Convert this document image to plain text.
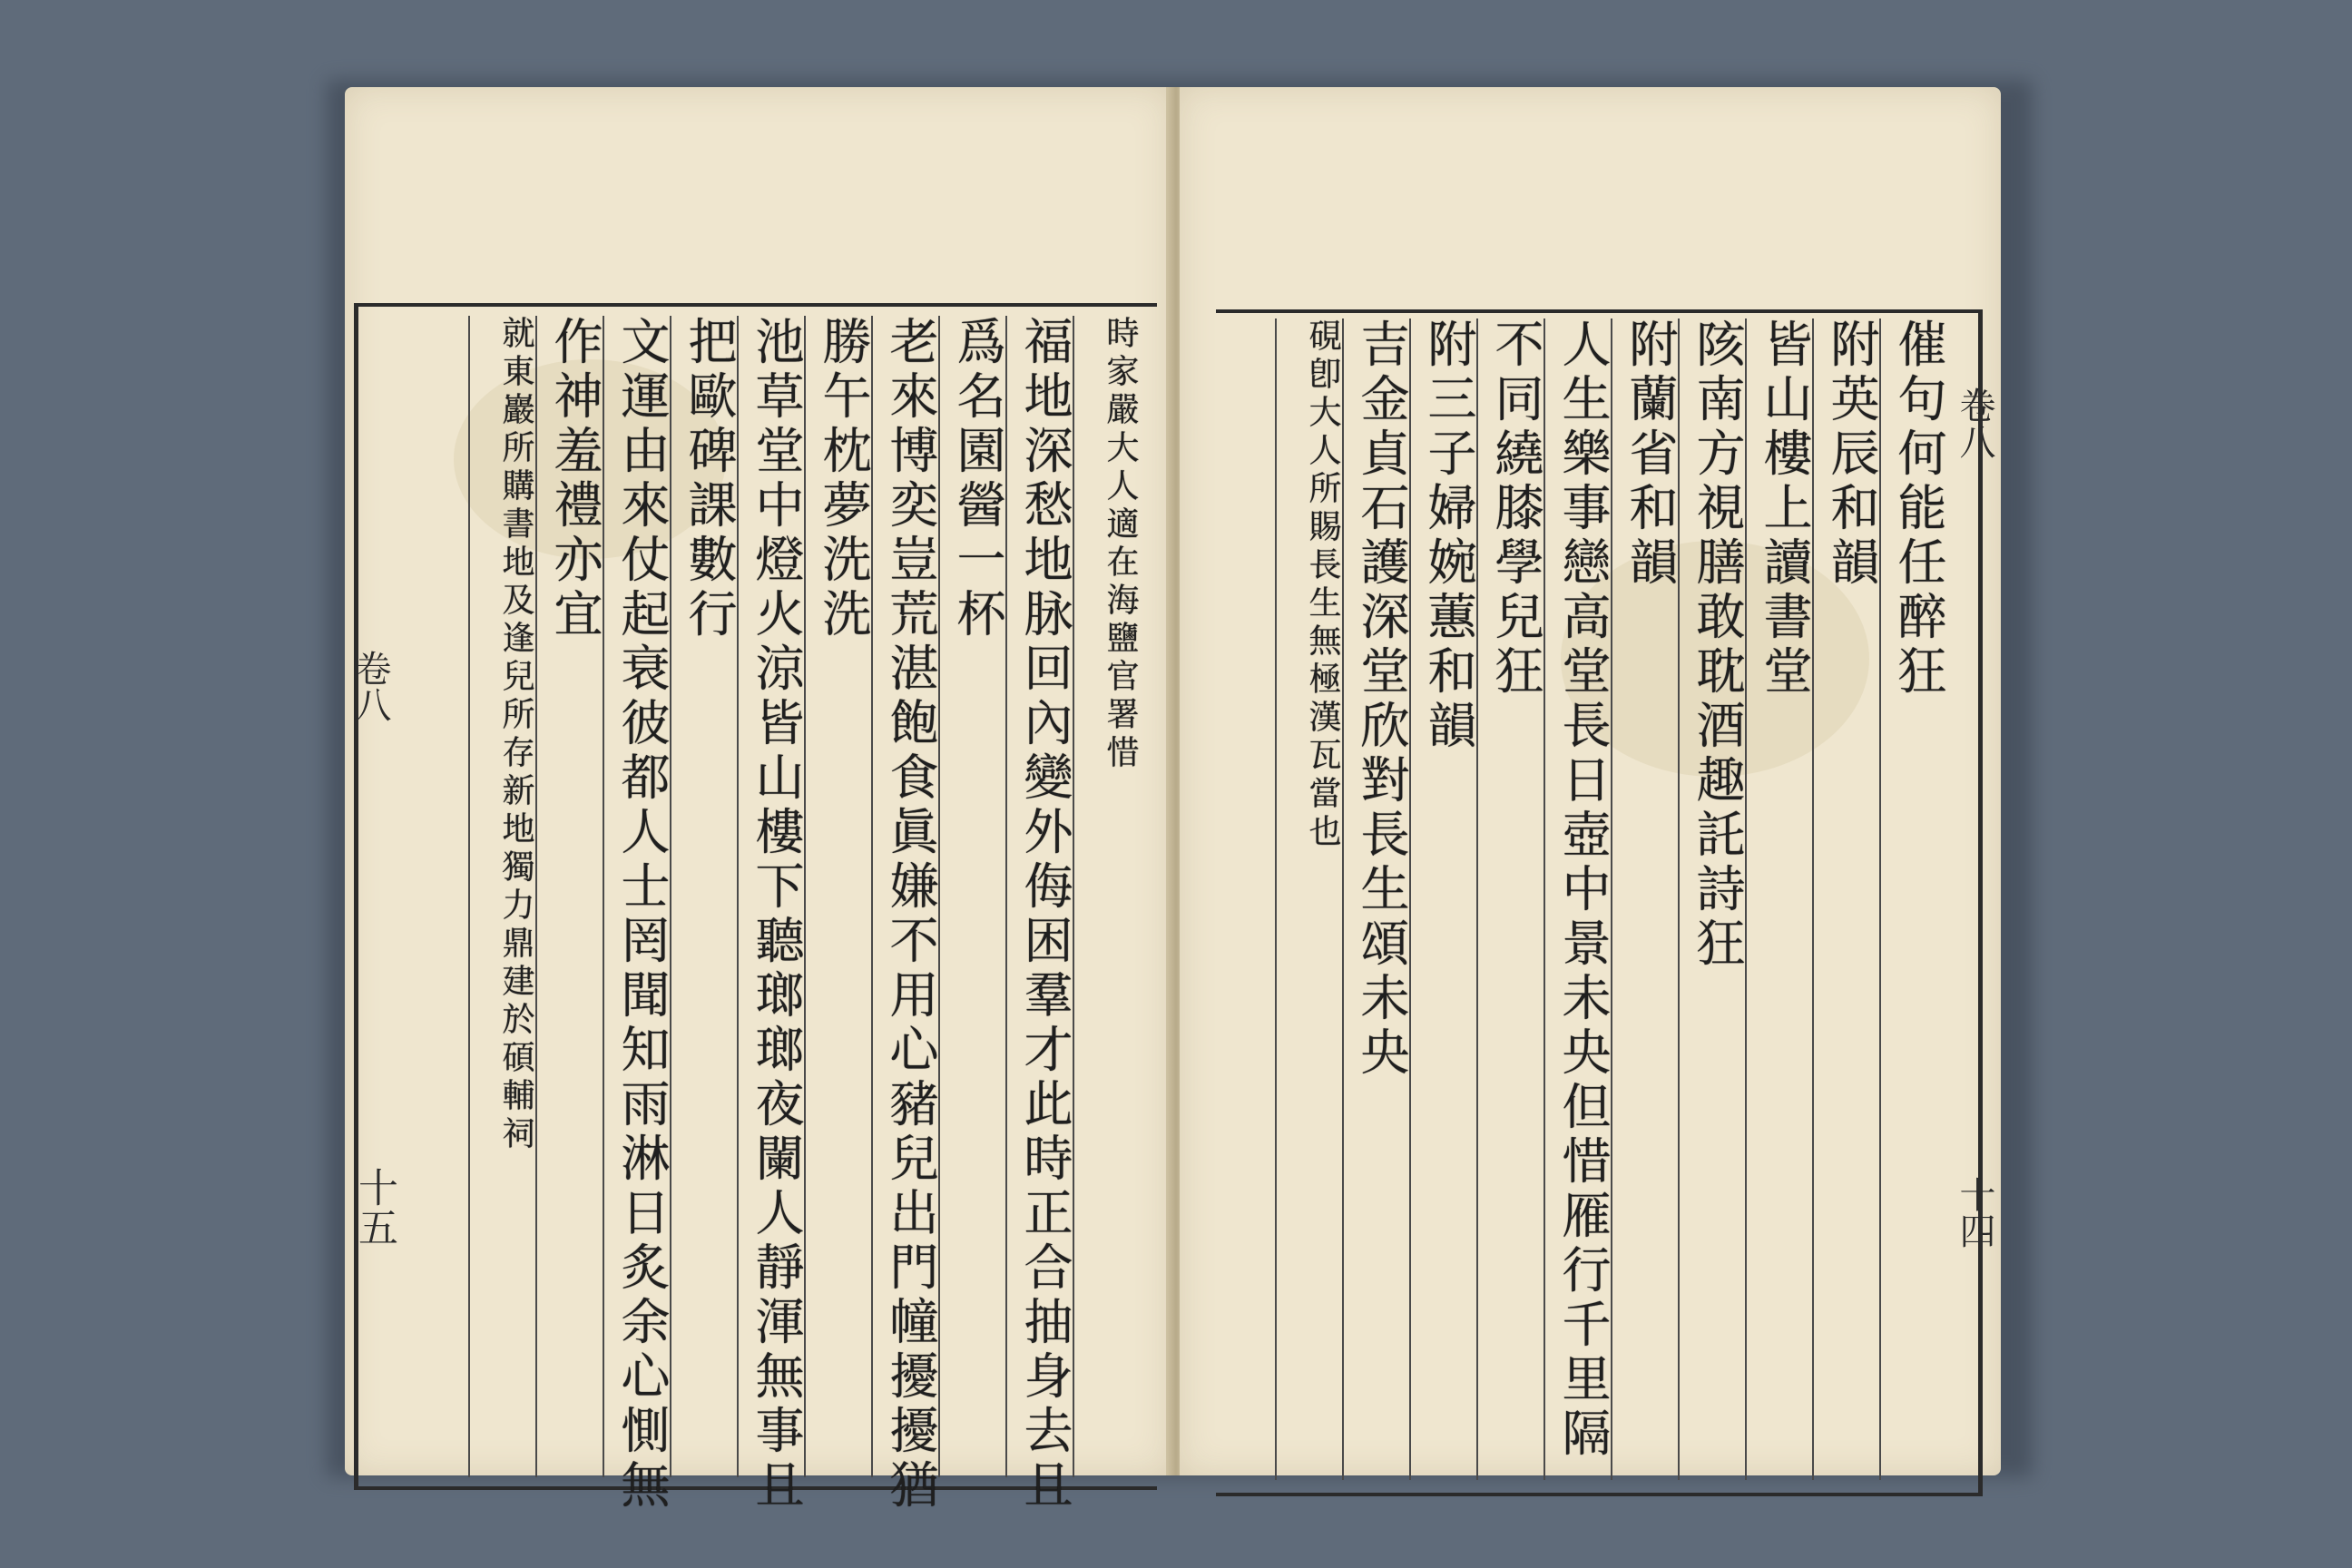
時家嚴大人適在海鹽官署惜
福地深愁地脉回內變外侮困羣才此時正合抽身去且
爲名園醟一杯
老來博奕豈荒湛飽食眞嫌不用心豬兒出門幢擾擾猶
勝午枕夢洗洗
池草堂中燈火涼皆山樓下聽瑯瑯夜闌人靜渾無事且
把歐碑課數行
文運由來仗起衰彼都人士罔聞知雨淋日炙余心惻無
作神羞禮亦宜
就東巖所購書地及逢兒所存新地獨力鼎建於碩輔祠
卷八
十五
催句何能任醉狂
附英辰和韻
皆山樓上讀書堂
陔南方視膳敢耽酒趣託詩狂
附蘭省和韻
人生樂事戀高堂長日壺中景未央但惜雁行千里隔
不同繞膝學兒狂
附三子婦婉蕙和韻
吉金貞石護深堂欣對長生頌未央
硯卽大人所賜長生無極漢瓦當也	卷八
十四
